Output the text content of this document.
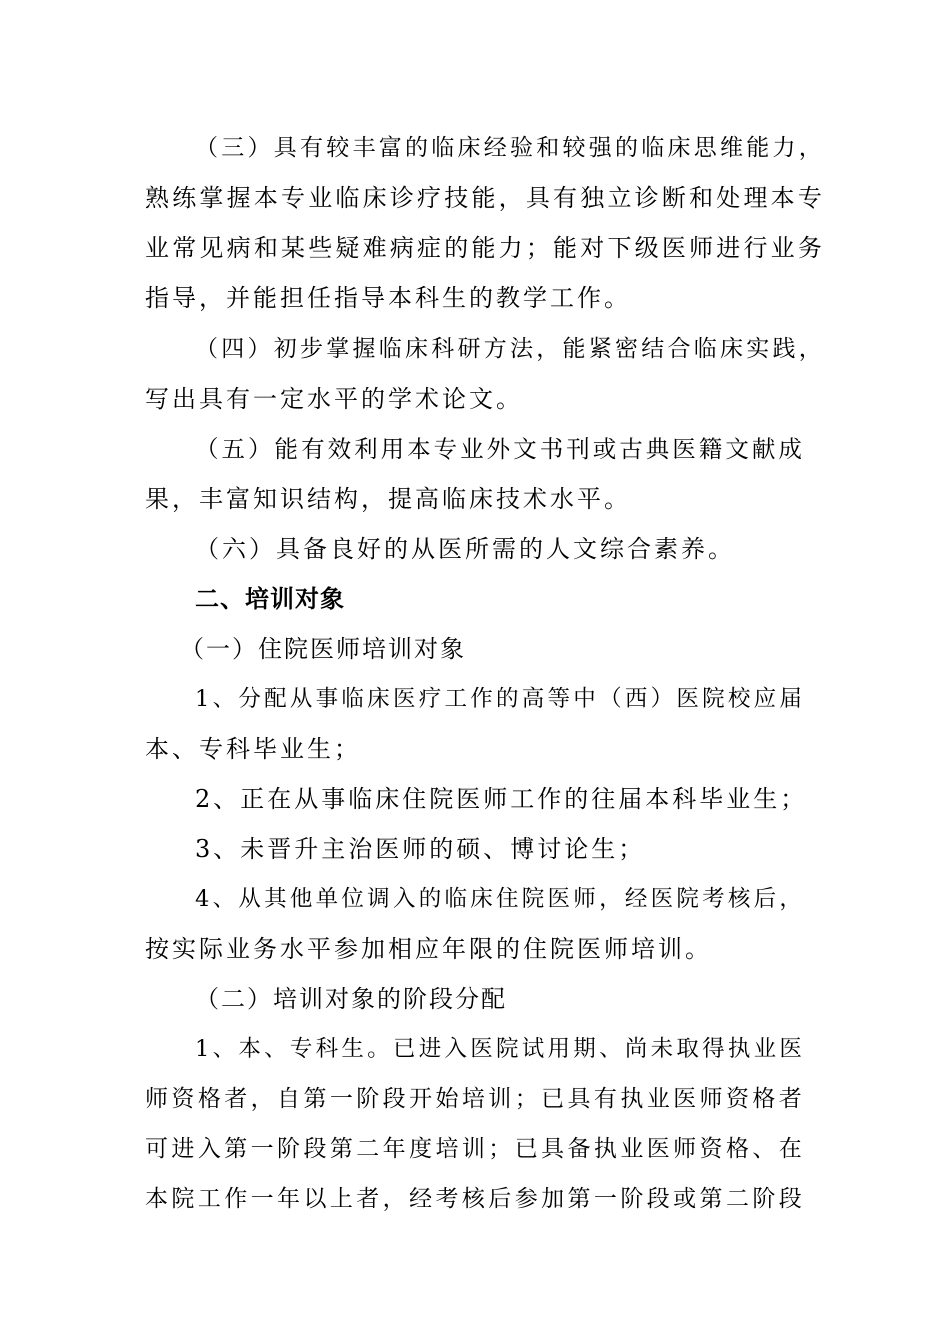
（ 三 ） 具 有 较 丰 富 的 临 床 经 验 和 较 强 的 临 床 思 维 能 力 ，
熟 练 掌 握 本 专 业 临 床 诊 疗 技 能 ， 具 有 独 立 诊 断 和 处 理 本 专
业 常 见 病 和 某 些 疑 难 病 症 的 能 力 ； 能 对 下 级 医 师 进 行 业 务
指导，并能担任指导本科生的教学工作。
（ 四 ） 初 步 掌 握 临 床 科 研 方 法 ， 能 紧 密 结 合 临 床 实 践 ，
写出具有一定水平的学术论文。
（ 五 ） 能 有 效 利 用 本 专 业 外 文 书 刊 或 古 典 医 籍 文 献 成
果，丰富知识结构，提高临床技术水平。
（六）具备良好的从医所需的人文综合素养。
二、培训对象
（一）住院医师培训对象
1 、 分 配 从 事 临 床 医 疗 工 作 的 高 等 中 （ 西 ） 医 院 校 应 届
本、专科毕业生；
2、正在从事临床住院医师工作的往届本科毕业生；
3、未晋升主治医师的硕、博讨论生；
4 、 从 其 他 单 位 调 入 的 临 床 住 院 医 师 ， 经 医 院 考 核 后 ，
按实际业务水平参加相应年限的住院医师培训。
（二）培训对象的阶段分配
1 、 本 、 专 科 生 。 已 进 入 医 院 试 用 期 、 尚 未 取 得 执 业 医
师 资 格 者 ， 自 第 一 阶 段 开 始 培 训 ； 已 具 有 执 业 医 师 资 格 者
可 进 入 第 一 阶 段 第 二 年 度 培 训 ； 已 具 备 执 业 医 师 资 格 、 在
本 院 工 作 一 年 以 上 者 ， 经 考 核 后 参 加 第 一 阶 段 或 第 二 阶 段
